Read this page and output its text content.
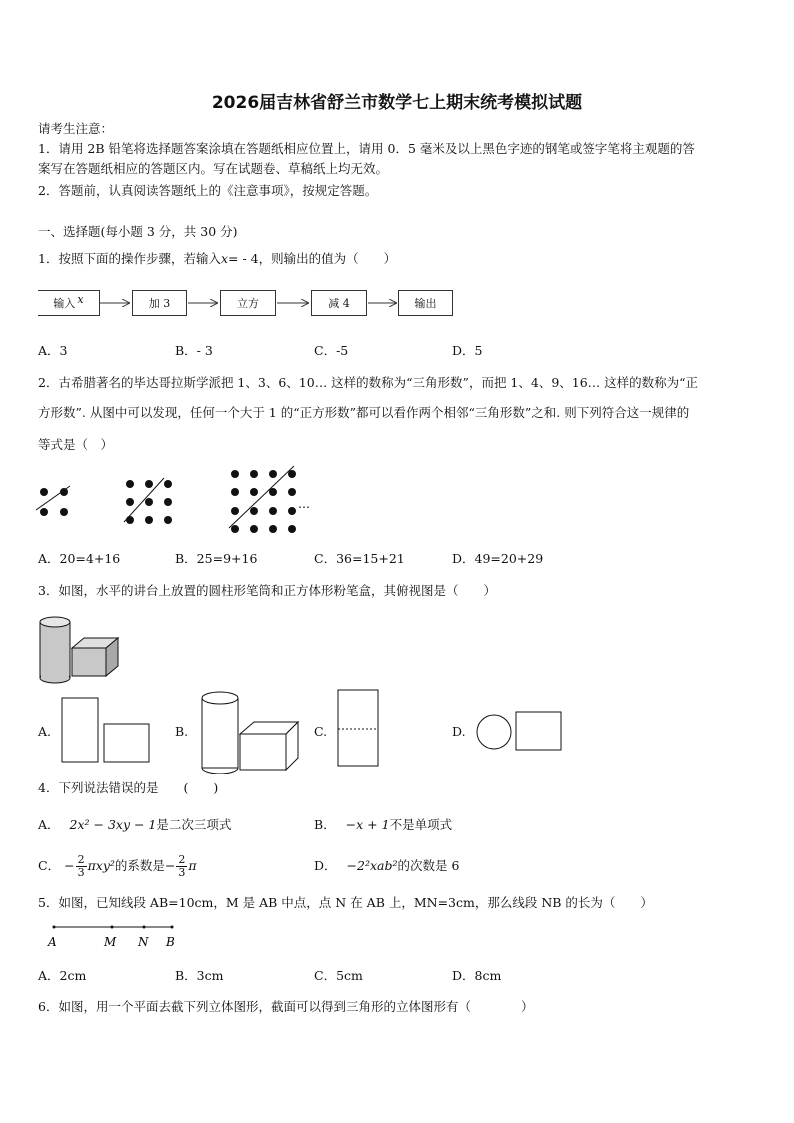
2026届吉林省舒兰市数学七上期末统考模拟试题
请考生注意：
1．请用 2B 铅笔将选择题答案涂填在答题纸相应位置上，请用 0．5 毫米及以上黑色字迹的钢笔或签字笔将主观题的答
案写在答题纸相应的答题区内。写在试题卷、草稿纸上均无效。
2．答题前，认真阅读答题纸上的《注意事项》，按规定答题。
一、选择题(每小题 3 分，共 30 分)
1．按照下面的操作步骤，若输入x= - 4，则输出的值为（　　）
输入 x	加 3	立方	减 4	输出
A．3	B．- 3	C．-5	D．5
2．古希腊著名的毕达哥拉斯学派把 1、3、6、10… 这样的数称为“三角形数”，而把 1、4、9、16… 这样的数称为“正
方形数”. 从图中可以发现，任何一个大于 1 的“正方形数”都可以看作两个相邻“三角形数”之和. 则下列符合这一规律的
等式是（　）
…
A．20=4+16	B．25=9+16	C．36=15+21	D．49=20+29
3．如图，水平的讲台上放置的圆柱形笔筒和正方体形粉笔盒，其俯视图是（　　）
A.	B.	C.	D.
4．下列说法错误的是　　(　　)
A． 2x² − 3xy − 1是二次三项式	B． −x + 1不是单项式
C． − $\frac{2}{3} \pi xy^2$ 的系数是 − $\frac{2}{3}$ π	D． −2²xab²的次数是 6
5．如图，已知线段 AB=10cm，M 是 AB 中点，点 N 在 AB 上，MN=3cm，那么线段 NB 的长为（　　）
A	M N B
A．2cm	B．3cm	C．5cm	D．8cm
6．如图，用一个平面去截下列立体图形，截面可以得到三角形的立体图形有（　　　　）
